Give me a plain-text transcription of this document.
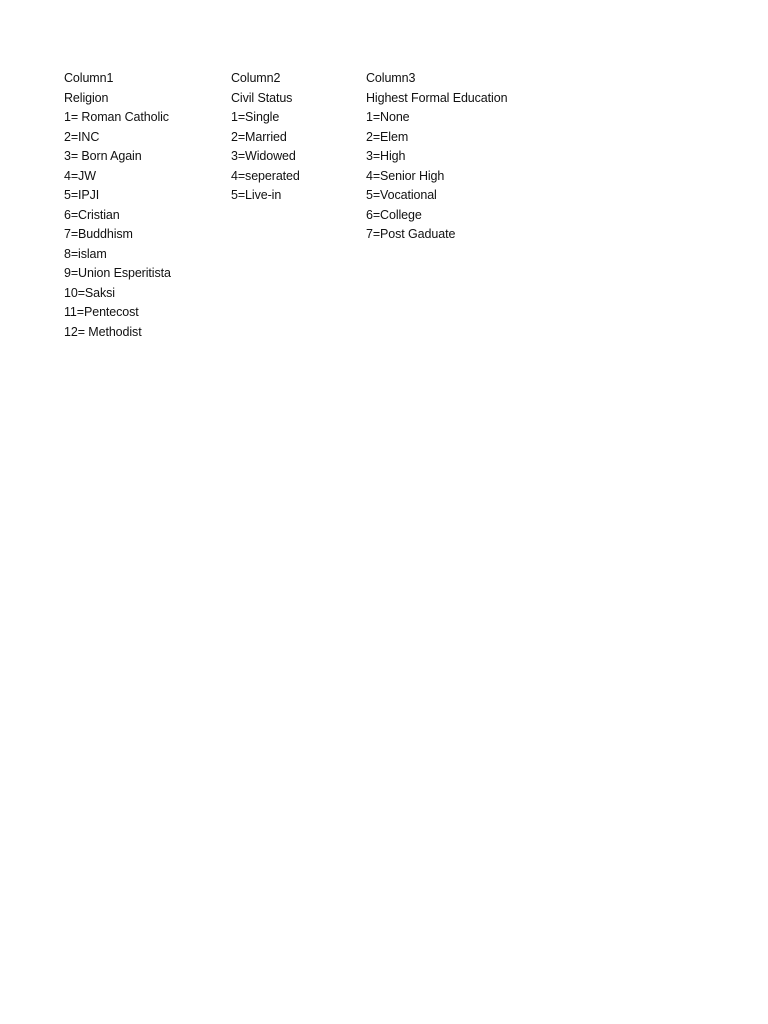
Column1
Religion
1= Roman Catholic
2=INC
3= Born Again
4=JW
5=IPJI
6=Cristian
7=Buddhism
8=islam
9=Union Esperitista
10=Saksi
11=Pentecost
12= Methodist
Column2
Civil Status
1=Single
2=Married
3=Widowed
4=seperated
5=Live-in
Column3
Highest Formal Education
1=None
2=Elem
3=High
4=Senior High
5=Vocational
6=College
7=Post Gaduate
